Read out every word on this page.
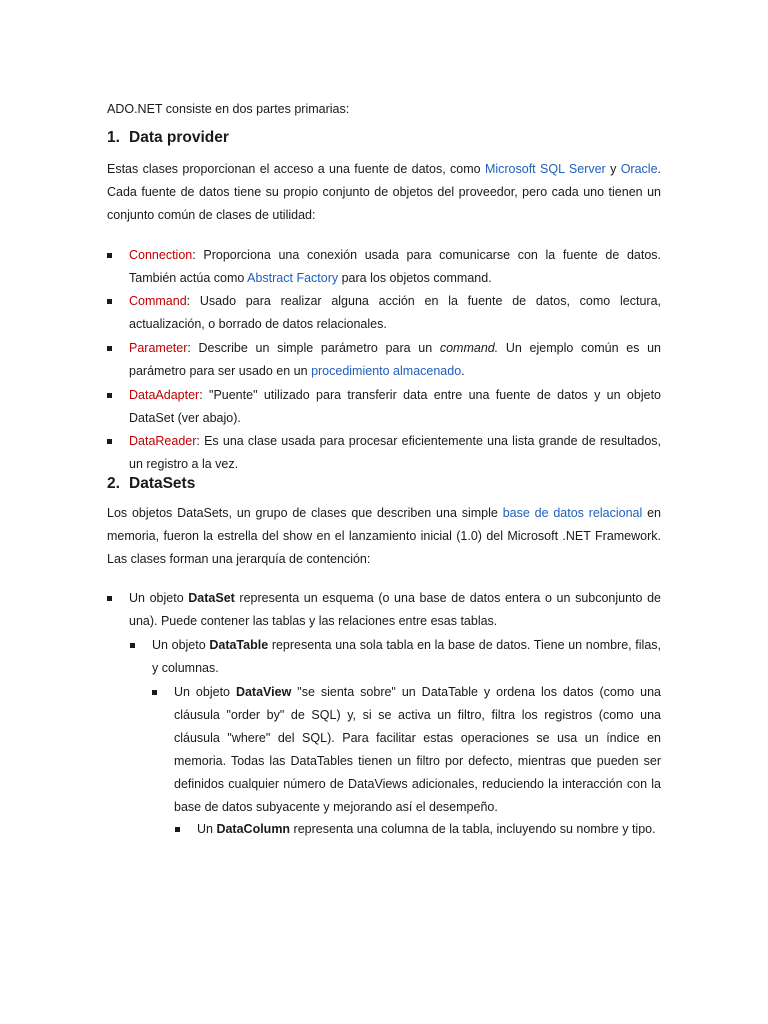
ADO.NET consiste en dos partes primarias:

1. Data provider

Estas clases proporcionan el acceso a una fuente de datos, como Microsoft SQL Server y Oracle. Cada fuente de datos tiene su propio conjunto de objetos del proveedor, pero cada uno tienen un conjunto común de clases de utilidad:

Connection: Proporciona una conexión usada para comunicarse con la fuente de datos. También actúa como Abstract Factory para los objetos command.
Command: Usado para realizar alguna acción en la fuente de datos, como lectura, actualización, o borrado de datos relacionales.
Parameter: Describe un simple parámetro para un command. Un ejemplo común es un parámetro para ser usado en un procedimiento almacenado.
DataAdapter: "Puente" utilizado para transferir data entre una fuente de datos y un objeto DataSet (ver abajo).
DataReader: Es una clase usada para procesar eficientemente una lista grande de resultados, un registro a la vez.
2. DataSets

Los objetos DataSets, un grupo de clases que describen una simple base de datos relacional en memoria, fueron la estrella del show en el lanzamiento inicial (1.0) del Microsoft .NET Framework. Las clases forman una jerarquía de contención:

Un objeto DataSet representa un esquema (o una base de datos entera o un subconjunto de una). Puede contener las tablas y las relaciones entre esas tablas.
Un objeto DataTable representa una sola tabla en la base de datos. Tiene un nombre, filas, y columnas.
Un objeto DataView "se sienta sobre" un DataTable y ordena los datos (como una cláusula "order by" de SQL) y, si se activa un filtro, filtra los registros (como una cláusula "where" del SQL). Para facilitar estas operaciones se usa un índice en memoria. Todas las DataTables tienen un filtro por defecto, mientras que pueden ser definidos cualquier número de DataViews adicionales, reduciendo la interacción con la base de datos subyacente y mejorando así el desempeño.
Un DataColumn representa una columna de la tabla, incluyendo su nombre y tipo.
